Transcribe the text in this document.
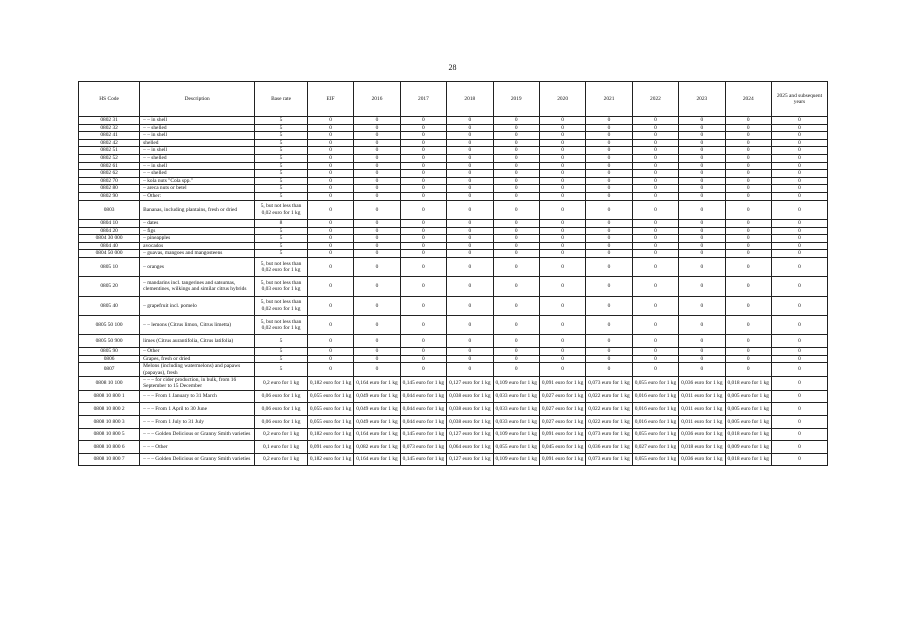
28
HS Code	Description	Base rate	EIF	2016	2017	2018	2019	2020	2021	2022	2023	2024	2025 and subsequent years
0802 31	– – in shell	5	0	0	0	0	0	0	0	0	0	0	0
0802 32	– – shelled	5	0	0	0	0	0	0	0	0	0	0	0
0802 41	– – in shell	5	0	0	0	0	0	0	0	0	0	0	0
0802 42	shelled	5	0	0	0	0	0	0	0	0	0	0	0
0802 51	– – in shell	5	0	0	0	0	0	0	0	0	0	0	0
0802 52	– – shelled	5	0	0	0	0	0	0	0	0	0	0	0
0802 61	– – in shell	5	0	0	0	0	0	0	0	0	0	0	0
0802 62	– – shelled	5	0	0	0	0	0	0	0	0	0	0	0
0802 70	– kola nuts "Cola spp."	5	0	0	0	0	0	0	0	0	0	0	0
0802 80	– areca nuts or betel	5	0	0	0	0	0	0	0	0	0	0	0
0802 90	– Other:	5	0	0	0	0	0	0	0	0	0	0	0
0803	Bananas, including plantains, fresh or dried	5, but not less than 0,02 euro for 1 kg	0	0	0	0	0	0	0	0	0	0	0
0804 10	– dates	8	0	0	0	0	0	0	0	0	0	0	0
0804 20	– figs	5	0	0	0	0	0	0	0	0	0	0	0
0804 30 000	– pineapples	5	0	0	0	0	0	0	0	0	0	0	0
0804 40	avocados	5	0	0	0	0	0	0	0	0	0	0	0
0804 50 000	– guavas, mangoes and mangosteens	5	0	0	0	0	0	0	0	0	0	0	0
0805 10	– oranges	5, but not less than 0,02 euro for 1 kg	0	0	0	0	0	0	0	0	0	0	0
0805 20	– mandarins incl. tangerines and satsumas, clementines, wilkings and similar citrus hybrids	5, but not less than 0,03 euro for 1 kg	0	0	0	0	0	0	0	0	0	0	0
0805 40	– grapefruit incl. pomelo	5, but not less than 0,02 euro for 1 kg	0	0	0	0	0	0	0	0	0	0	0
0805 50 100	– – lemons (Citrus limon, Citrus limetta)	5, but not less than 0,02 euro for 1 kg	0	0	0	0	0	0	0	0	0	0	0
0805 50 900	limes (Citrus aurantifolia, Citrus latifolia)	5	0	0	0	0	0	0	0	0	0	0	0
0805 90	– Other	5	0	0	0	0	0	0	0	0	0	0	0
0806	Grapes, fresh or dried	5	0	0	0	0	0	0	0	0	0	0	0
0807	Melons (including watermelons) and papaws (papayas), fresh	5	0	0	0	0	0	0	0	0	0	0	0
0808 10 100	– – – for cider production, in bulk, from 16 September to 15 December	0,2 euro for 1 kg	0,182 euro for 1 kg	0,164 euro for 1 kg	0,145 euro for 1 kg	0,127 euro for 1 kg	0,109 euro for 1 kg	0,091 euro for 1 kg	0,073 euro for 1 kg	0,055 euro for 1 kg	0,036 euro for 1 kg	0,018 euro for 1 kg	0
0808 10 800 1	– – – From 1 January to 31 March	0,06 euro for 1 kg	0,055 euro for 1 kg	0,049 euro for 1 kg	0,044 euro for 1 kg	0,038 euro for 1 kg	0,033 euro for 1 kg	0,027 euro for 1 kg	0,022 euro for 1 kg	0,016 euro for 1 kg	0,011 euro for 1 kg	0,005 euro for 1 kg	0
0808 10 800 2	– – – From 1 April to 30 June	0,06 euro for 1 kg	0,055 euro for 1 kg	0,049 euro for 1 kg	0,044 euro for 1 kg	0,038 euro for 1 kg	0,033 euro for 1 kg	0,027 euro for 1 kg	0,022 euro for 1 kg	0,016 euro for 1 kg	0,011 euro for 1 kg	0,005 euro for 1 kg	0
0808 10 800 3	– – – From 1 July to 31 July	0,06 euro for 1 kg	0,055 euro for 1 kg	0,049 euro for 1 kg	0,044 euro for 1 kg	0,038 euro for 1 kg	0,033 euro for 1 kg	0,027 euro for 1 kg	0,022 euro for 1 kg	0,016 euro for 1 kg	0,011 euro for 1 kg	0,005 euro for 1 kg	0
0808 10 800 5	– – – Golden Delicious or Granny Smith varieties	0,2 euro for 1 kg	0,182 euro for 1 kg	0,164 euro for 1 kg	0,145 euro for 1 kg	0,127 euro for 1 kg	0,109 euro for 1 kg	0,091 euro for 1 kg	0,073 euro for 1 kg	0,055 euro for 1 kg	0,036 euro for 1 kg	0,018 euro for 1 kg	0
0808 10 800 6	– – – Other	0,1 euro for 1 kg	0,091 euro for 1 kg	0,082 euro for 1 kg	0,073 euro for 1 kg	0,064 euro for 1 kg	0,055 euro for 1 kg	0,045 euro for 1 kg	0,036 euro for 1 kg	0,027 euro for 1 kg	0,018 euro for 1 kg	0,009 euro for 1 kg	0
0808 10 800 7	– – – Golden Delicious or Granny Smith varieties	0,2 euro for 1 kg	0,182 euro for 1 kg	0,164 euro for 1 kg	0,145 euro for 1 kg	0,127 euro for 1 kg	0,109 euro for 1 kg	0,091 euro for 1 kg	0,073 euro for 1 kg	0,055 euro for 1 kg	0,036 euro for 1 kg	0,018 euro for 1 kg	0
